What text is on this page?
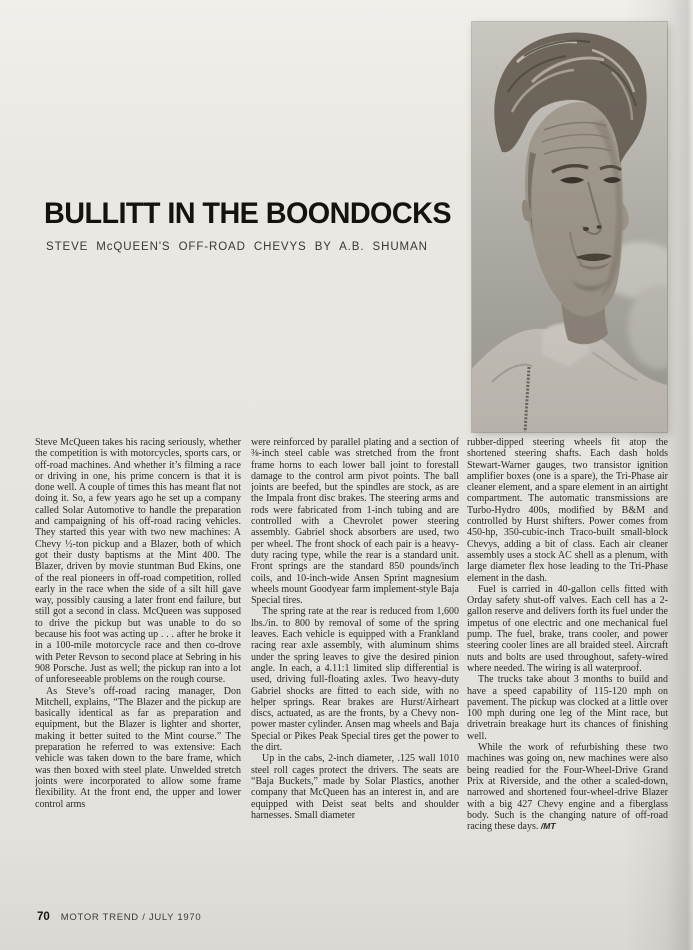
BULLITT IN THE BOONDOCKS
STEVE McQUEEN'S OFF-ROAD CHEVYS BY A.B. SHUMAN

Steve McQueen takes his racing seriously, whether the competition is with motorcycles, sports cars, or off-road machines. And whether it’s filming a race or driving in one, his prime concern is that it is done well. A couple of times this has meant flat not doing it. So, a few years ago he set up a company called Solar Automotive to handle the preparation and campaigning of his off-road racing vehicles. They started this year with two new machines: A Chevy ½-ton pickup and a Blazer, both of which got their dusty baptisms at the Mint 400. The Blazer, driven by movie stuntman Bud Ekins, one of the real pioneers in off-road competition, rolled early in the race when the side of a silt hill gave way, possibly causing a later front end failure, but still got a second in class. McQueen was supposed to drive the pickup but was unable to do so because his foot was acting up . . . after he broke it in a 100-mile motorcycle race and then co-drove with Peter Revson to second place at Sebring in his 908 Porsche. Just as well; the pickup ran into a lot of unforeseeable problems on the rough course.

As Steve’s off-road racing manager, Don Mitchell, explains, “The Blazer and the pickup are basically identical as far as preparation and equipment, but the Blazer is lighter and shorter, making it better suited to the Mint course.” The preparation he referred to was extensive: Each vehicle was taken down to the bare frame, which was then boxed with steel plate. Unwelded stretch joints were incorporated to allow some frame flexibility. At the front end, the upper and lower control arms

were reinforced by parallel plating and a section of ⅜-inch steel cable was stretched from the front frame horns to each lower ball joint to forestall damage to the control arm pivot points. The ball joints are beefed, but the spindles are stock, as are the Impala front disc brakes. The steering arms and rods were fabricated from 1-inch tubing and are controlled with a Chevrolet power steering assembly. Gabriel shock absorbers are used, two per wheel. The front shock of each pair is a heavy-duty racing type, while the rear is a standard unit. Front springs are the standard 850 pounds/inch coils, and 10-inch-wide Ansen Sprint magnesium wheels mount Goodyear farm implement-style Baja Special tires.

The spring rate at the rear is reduced from 1,600 lbs./in. to 800 by removal of some of the spring leaves. Each vehicle is equipped with a Frankland racing rear axle assembly, with aluminum shims under the spring leaves to give the desired pinion angle. In each, a 4.11:1 limited slip differential is used, driving full-floating axles. Two heavy-duty Gabriel shocks are fitted to each side, with no helper springs. Rear brakes are Hurst/Airheart discs, actuated, as are the fronts, by a Chevy non-power master cylinder. Ansen mag wheels and Baja Special or Pikes Peak Special tires get the power to the dirt.

Up in the cabs, 2-inch diameter, .125 wall 1010 steel roll cages protect the drivers. The seats are “Baja Buckets,” made by Solar Plastics, another company that McQueen has an interest in, and are equipped with Deist seat belts and shoulder harnesses. Small diameter

rubber-dipped steering wheels fit atop the shortened steering shafts. Each dash holds Stewart-Warner gauges, two transistor ignition amplifier boxes (one is a spare), the Tri-Phase air cleaner element, and a spare element in an airtight compartment. The automatic transmissions are Turbo-Hydro 400s, modified by B&M and controlled by Hurst shifters. Power comes from 450-hp, 350-cubic-inch Traco-built small-block Chevys, adding a bit of class. Each air cleaner assembly uses a stock AC shell as a plenum, with large diameter flex hose leading to the Tri-Phase element in the dash.

Fuel is carried in 40-gallon cells fitted with Orday safety shut-off valves. Each cell has a 2-gallon reserve and delivers forth its fuel under the impetus of one electric and one mechanical fuel pump. The fuel, brake, trans cooler, and power steering cooler lines are all braided steel. Aircraft nuts and bolts are used throughout, safety-wired where needed. The wiring is all waterproof.

The trucks take about 3 months to build and have a speed capability of 115-120 mph on pavement. The pickup was clocked at a little over 100 mph during one leg of the Mint race, but drivetrain breakage hurt its chances of finishing well.

While the work of refurbishing these two machines was going on, new machines were also being readied for the Four-Wheel-Drive Grand Prix at Riverside, and the other a scaled-down, narrowed and shortened four-wheel-drive Blazer with a big 427 Chevy engine and a fiberglass body. Such is the changing nature of off-road racing these days. /MT

70 MOTOR TREND / JULY 1970
